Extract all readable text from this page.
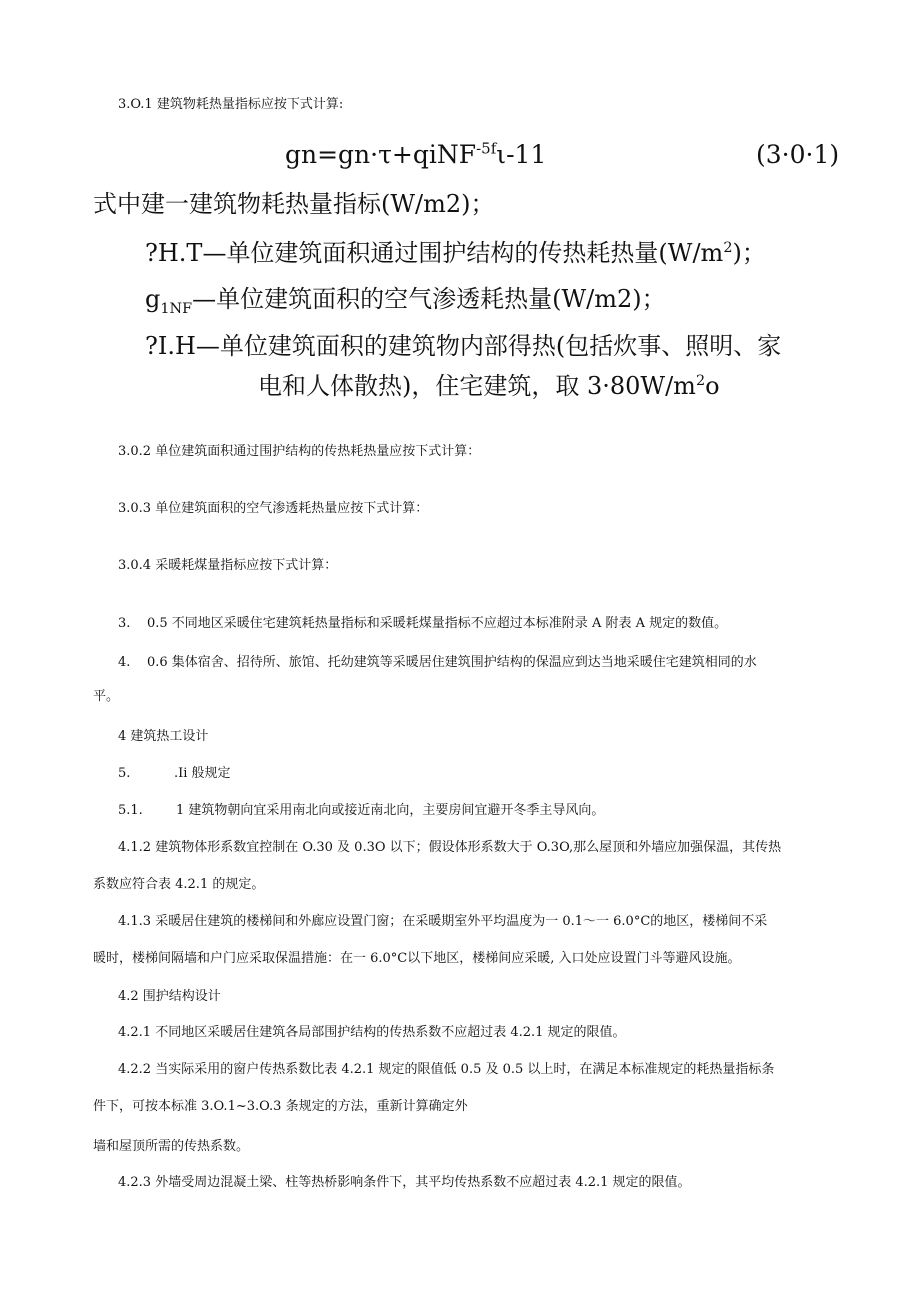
3.O.1 建筑物耗热量指标应按下式计算:
gn=gn·τ+qiNF$^{-5f}$ι-11	(3·0·1)
式中建一建筑物耗热量指标(W/m2)；
?H.T—单位建筑面积通过围护结构的传热耗热量$(W/m^2)$；
$g_{1NF}—$单位建筑面积的空气渗透耗热量(W/m2)；
?I.H—单位建筑面积的建筑物内部得热(包括炊事、照明、家
电和人体散热)，住宅建筑，取 $3\cdot 80W/m^2o$
3.0.2 单位建筑面积通过围护结构的传热耗热量应按下式计算：
3.0.3 单位建筑面积的空气渗透耗热量应按下式计算：
3.0.4 采暖耗煤量指标应按下式计算：
3. 0.5 不同地区采暖住宅建筑耗热量指标和采暖耗煤量指标不应超过本标准附录 A 附表 A 规定的数值。
4. 0.6 集体宿舍、招待所、旅馆、托幼建筑等采暖居住建筑围护结构的保温应到达当地采暖住宅建筑相同的水
平。
4 建筑热工设计
5.	.Ii 般规定
5.1.	1 建筑物朝向宜采用南北向或接近南北向，主要房间宜避开冬季主导风向。
4.1.2 建筑物体形系数宜控制在 O.30 及 0.3O 以下；假设体形系数大于 O.3O,那么屋顶和外墙应加强保温，其传热
系数应符合表 4.2.1 的规定。
4.1.3 采暖居住建筑的楼梯间和外廊应设置门窗；在采暖期室外平均温度为一 0.1～一 6.0°C的地区，楼梯间不采
暖时，楼梯间隔墙和户门应采取保温措施：在一 6.0°C以下地区，楼梯间应采暖, 入口处应设置门斗等避风设施。
4.2 围护结构设计
4.2.1 不同地区采暖居住建筑各局部围护结构的传热系数不应超过表 4.2.1 规定的限值。
4.2.2 当实际采用的窗户传热系数比表 4.2.1 规定的限值低 0.5 及 0.5 以上时，在满足本标准规定的耗热量指标条
件下，可按本标准 3.O.1~3.O.3 条规定的方法，重新计算确定外
墙和屋顶所需的传热系数。
4.2.3 外墙受周边混凝土梁、柱等热桥影响条件下，其平均传热系数不应超过表 4.2.1 规定的限值。
